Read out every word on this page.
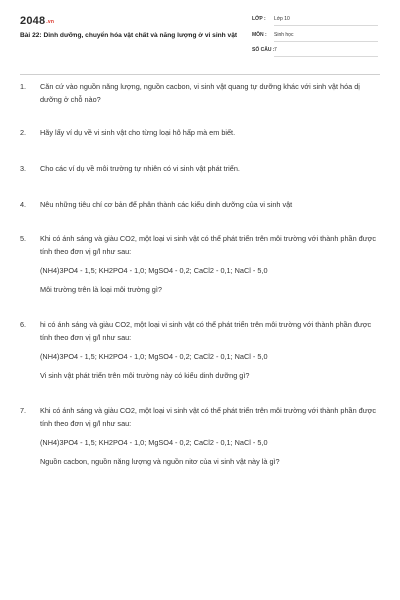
2048.vn
Bài 22: Dinh dưỡng, chuyển hóa vật chất và năng lượng ở vi sinh vật
LỚP : Lớp 10
MÔN : Sinh học
SỐ CÂU : 7
1.	Căn cứ vào nguồn năng lượng, nguồn cacbon, vi sinh vật quang tự dưỡng khác với sinh vật hóa dị dưỡng ở chỗ nào?

2.	Hãy lấy ví dụ về vi sinh vật cho từng loại hô hấp mà em biết.

3.	Cho các ví dụ về môi trường tự nhiên có vi sinh vật phát triển.

4.	Nêu những tiêu chí cơ bản để phân thành các kiểu dinh dưỡng của vi sinh vật

5.	Khi có ánh sáng và giàu CO2, một loại vi sinh vật có thể phát triển trên môi trường với thành phần được tính theo đơn vị g/l như sau:

(NH4)3PO4 - 1,5; KH2PO4 - 1,0; MgSO4 - 0,2; CaCl2 - 0,1; NaCl - 5,0

Môi trường trên là loại môi trường gì?

6.	hi có ánh sáng và giàu CO2, một loại vi sinh vật có thể phát triển trên môi trường với thành phần được tính theo đơn vị g/l như sau:

(NH4)3PO4 - 1,5; KH2PO4 - 1,0; MgSO4 - 0,2; CaCl2 - 0,1; NaCl - 5,0

Vi sinh vật phát triển trên môi trường này có kiểu dinh dưỡng gì?

7.	Khi có ánh sáng và giàu CO2, một loại vi sinh vật có thể phát triển trên môi trường với thành phần được tính theo đơn vị g/l như sau:

(NH4)3PO4 - 1,5; KH2PO4 - 1,0; MgSO4 - 0,2; CaCl2 - 0,1; NaCl - 5,0

Nguồn cacbon, nguồn năng lượng và nguồn nitơ của vi sinh vật này là gì?
